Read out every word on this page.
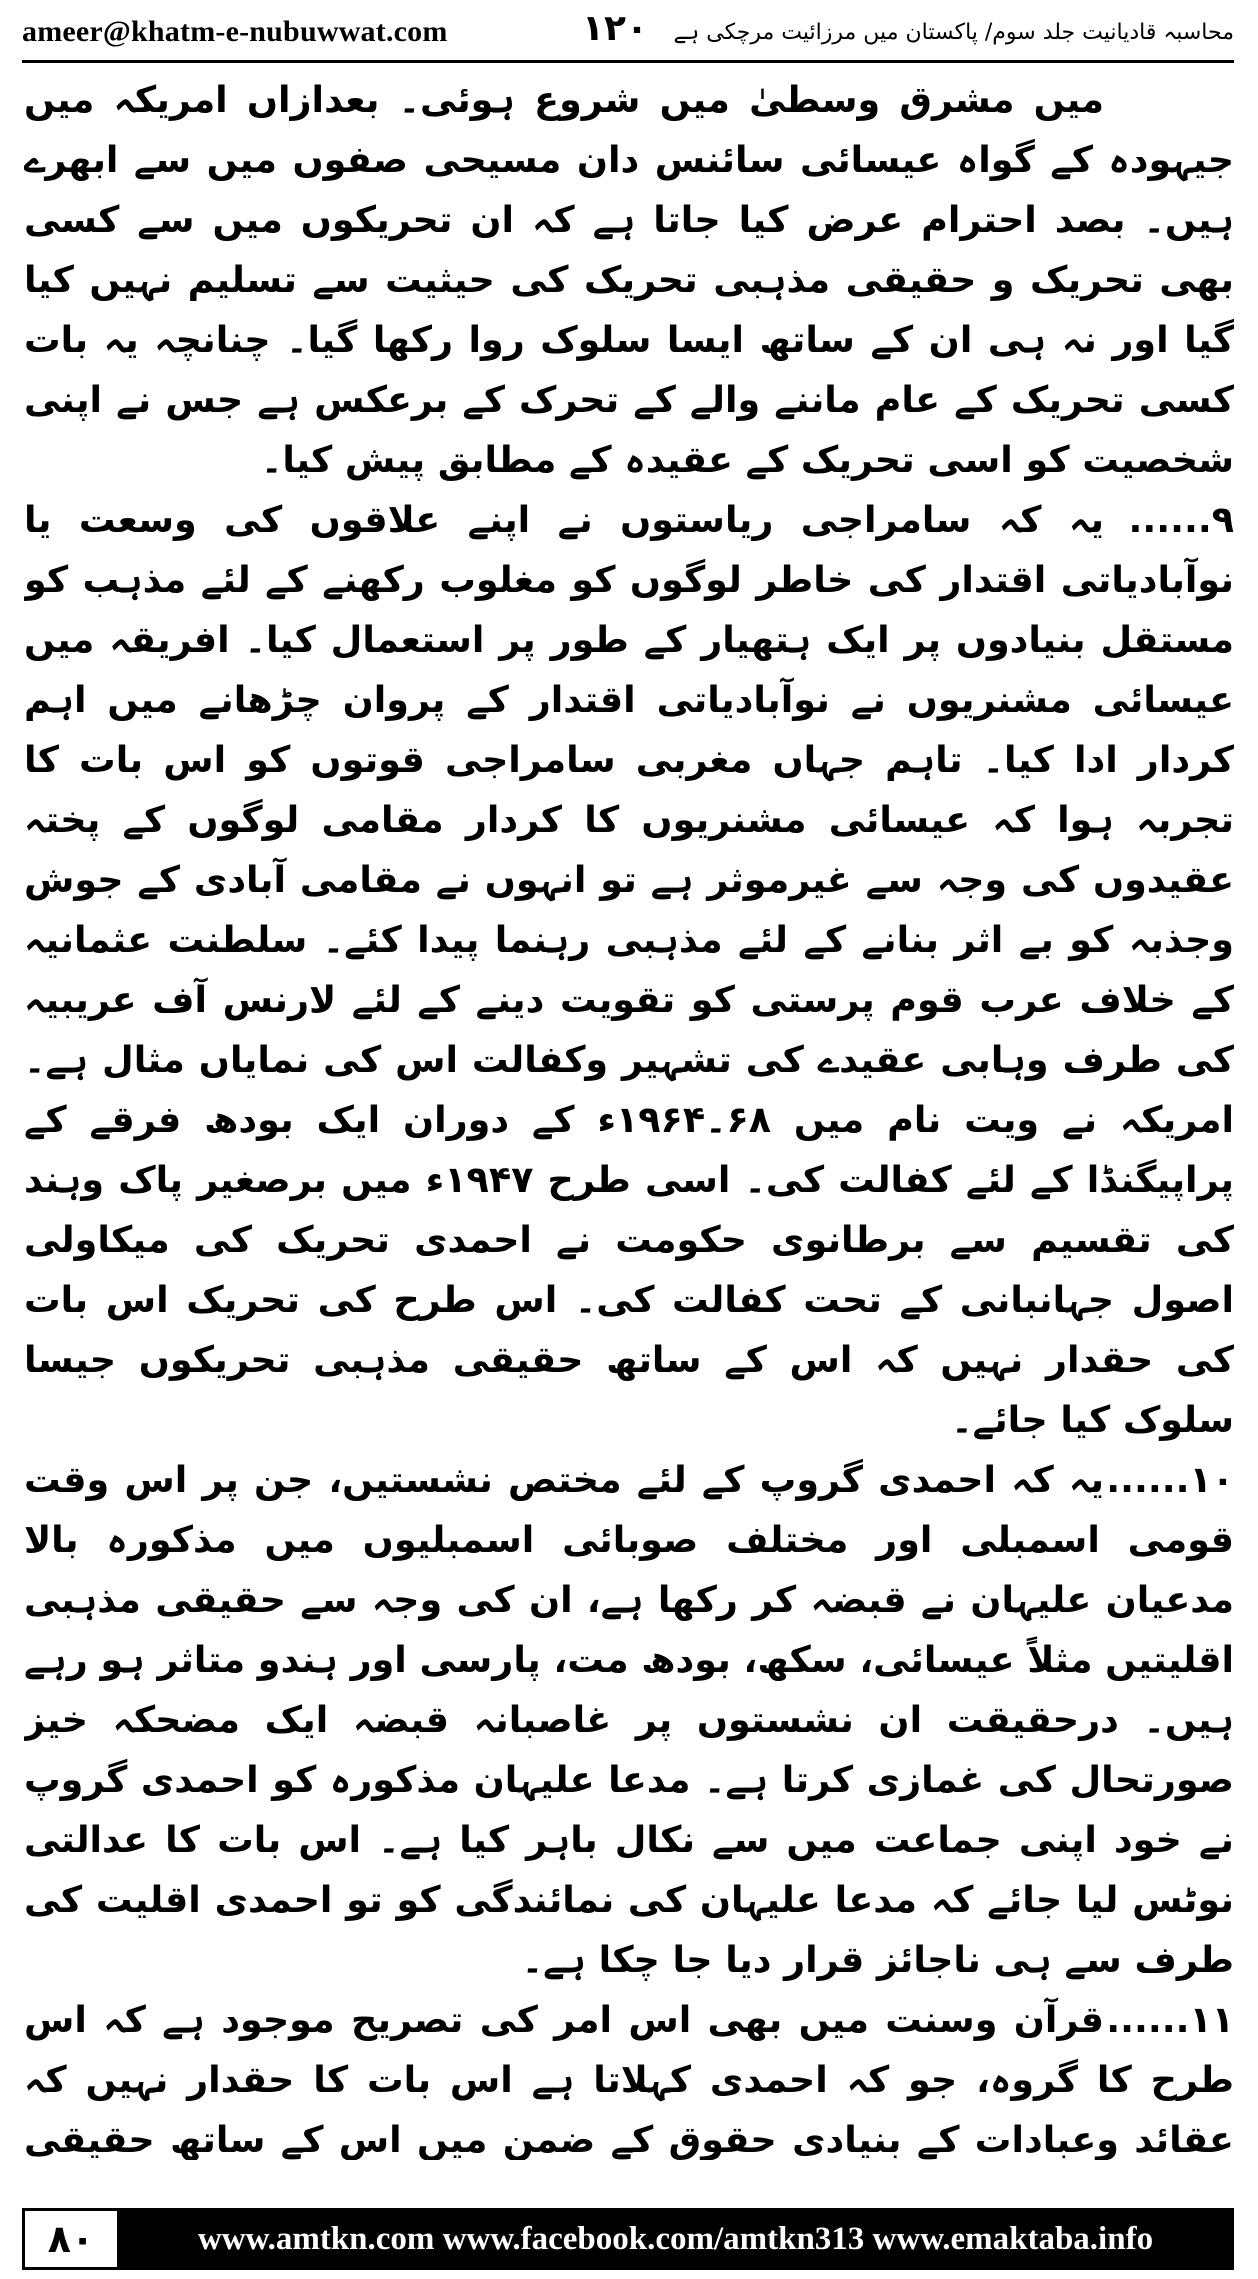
ameer@khatm-e-nubuwwat.com	۱۲۰ محاسبہ قادیانیت جلد سوم/ پاکستان میں مرزائیت مرچکی ہے

میں مشرق وسطیٰ میں شروع ہوئی۔ بعدازاں امریکہ میں جیہودہ کے گواہ عیسائی سائنس دان مسیحی صفوں میں سے ابھرے ہیں۔ بصد احترام عرض کیا جاتا ہے کہ ان تحریکوں میں سے کسی بھی تحریک و حقیقی مذہبی تحریک کی حیثیت سے تسلیم نہیں کیا گیا اور نہ ہی ان کے ساتھ ایسا سلوک روا رکھا گیا۔ چنانچہ یہ بات کسی تحریک کے عام ماننے والے کے تحرک کے برعکس ہے جس نے اپنی شخصیت کو اسی تحریک کے عقیدہ کے مطابق پیش کیا۔

۹......یہ کہ سامراجی ریاستوں نے اپنے علاقوں کی وسعت یا نوآبادیاتی اقتدار کی خاطر لوگوں کو مغلوب رکھنے کے لئے مذہب کو مستقل بنیادوں پر ایک ہتھیار کے طور پر استعمال کیا۔ افریقہ میں عیسائی مشنریوں نے نوآبادیاتی اقتدار کے پروان چڑھانے میں اہم کردار ادا کیا۔ تاہم جہاں مغربی سامراجی قوتوں کو اس بات کا تجربہ ہوا کہ عیسائی مشنریوں کا کردار مقامی لوگوں کے پختہ عقیدوں کی وجہ سے غیرموثر ہے تو انہوں نے مقامی آبادی کے جوش وجذبہ کو بے اثر بنانے کے لئے مذہبی رہنما پیدا کئے۔ سلطنت عثمانیہ کے خلاف عرب قوم پرستی کو تقویت دینے کے لئے لارنس آف عریبیہ کی طرف وہابی عقیدے کی تشہیر وکفالت اس کی نمایاں مثال ہے۔ امریکہ نے ویت نام میں ۶۸۔۱۹۶۴ء کے دوران ایک بودھ فرقے کے پراپیگنڈا کے لئے کفالت کی۔ اسی طرح ۱۹۴۷ء میں برصغیر پاک وہند کی تقسیم سے برطانوی حکومت نے احمدی تحریک کی میکاولی اصول جہانبانی کے تحت کفالت کی۔ اس طرح کی تحریک اس بات کی حقدار نہیں کہ اس کے ساتھ حقیقی مذہبی تحریکوں جیسا سلوک کیا جائے۔

۱۰......یہ کہ احمدی گروپ کے لئے مختص نشستیں، جن پر اس وقت قومی اسمبلی اور مختلف صوبائی اسمبلیوں میں مذکورہ بالا مدعیان علیہان نے قبضہ کر رکھا ہے، ان کی وجہ سے حقیقی مذہبی اقلیتیں مثلاً عیسائی، سکھ، بودھ مت، پارسی اور ہندو متاثر ہو رہے ہیں۔ درحقیقت ان نشستوں پر غاصبانہ قبضہ ایک مضحکہ خیز صورتحال کی غمازی کرتا ہے۔ مدعا علیہان مذکورہ کو احمدی گروپ نے خود اپنی جماعت میں سے نکال باہر کیا ہے۔ اس بات کا عدالتی نوٹس لیا جائے کہ مدعا علیہان کی نمائندگی کو تو احمدی اقلیت کی طرف سے ہی ناجائز قرار دیا جا چکا ہے۔

۱۱......قرآن وسنت میں بھی اس امر کی تصریح موجود ہے کہ اس طرح کا گروہ، جو کہ احمدی کہلاتا ہے اس بات کا حقدار نہیں کہ عقائد وعبادات کے بنیادی حقوق کے ضمن میں اس کے ساتھ حقیقی

۸۰	www.amtkn.com www.facebook.com/amtkn313 www.emaktaba.info
